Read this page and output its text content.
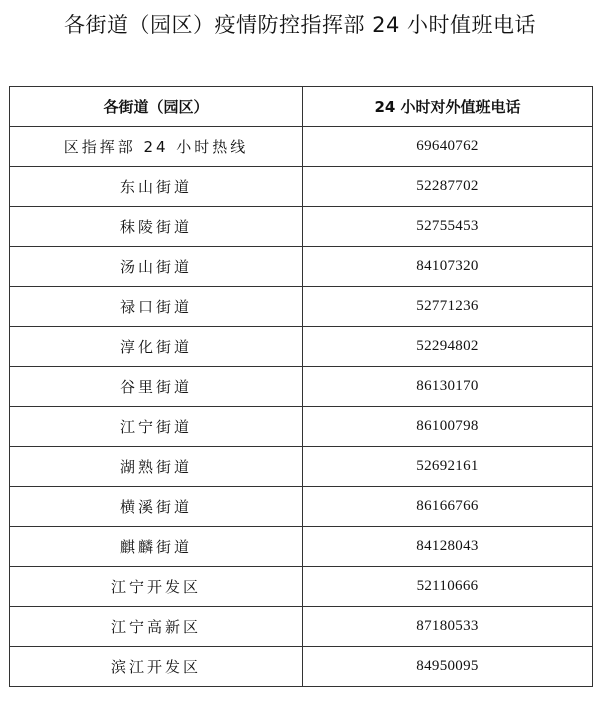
各街道（园区）疫情防控指挥部 24 小时值班电话
各街道（园区）	24 小时对外值班电话
区指挥部 24 小时热线	69640762
东山街道	52287702
秣陵街道	52755453
汤山街道	84107320
禄口街道	52771236
淳化街道	52294802
谷里街道	86130170
江宁街道	86100798
湖熟街道	52692161
横溪街道	86166766
麒麟街道	84128043
江宁开发区	52110666
江宁高新区	87180533
滨江开发区	84950095
